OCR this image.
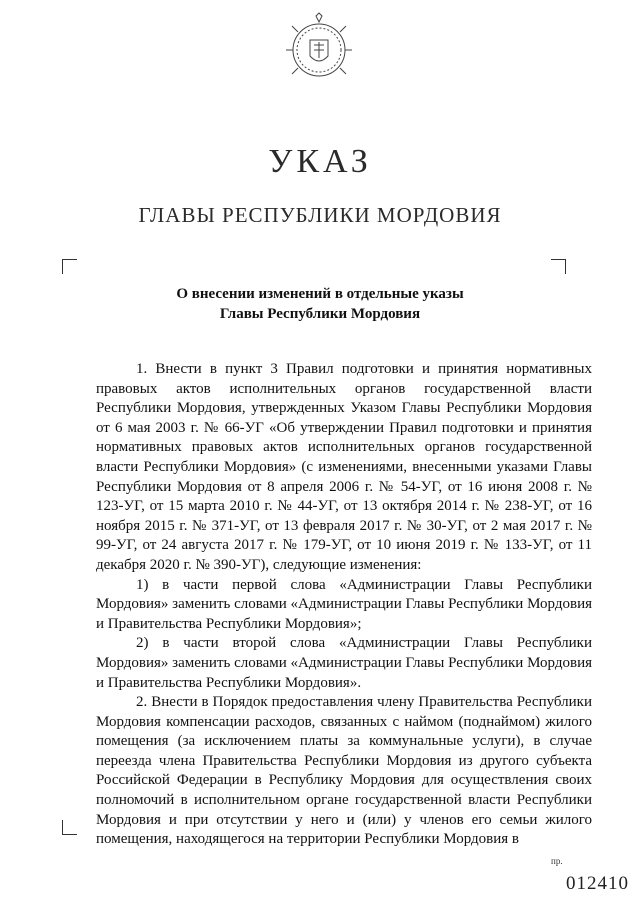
УКАЗ
ГЛАВЫ РЕСПУБЛИКИ МОРДОВИЯ
О внесении изменений в отдельные указы
Главы Республики Мордовия

1. Внести в пункт 3 Правил подготовки и принятия нормативных правовых актов исполнительных органов государственной власти Республики Мордовия, утвержденных Указом Главы Республики Мордовия от 6 мая 2003 г. № 66-УГ «Об утверждении Правил подготовки и принятия нормативных правовых актов исполнительных органов государственной власти Республики Мордовия» (с изменениями, внесенными указами Главы Республики Мордовия от 8 апреля 2006 г. № 54-УГ, от 16 июня 2008 г. № 123-УГ, от 15 марта 2010 г. № 44-УГ, от 13 октября 2014 г. № 238-УГ, от 16 ноября 2015 г. № 371-УГ, от 13 февраля 2017 г. № 30-УГ, от 2 мая 2017 г. № 99-УГ, от 24 августа 2017 г. № 179-УГ, от 10 июня 2019 г. № 133-УГ, от 11 декабря 2020 г. № 390-УГ), следующие изменения:

1) в части первой слова «Администрации Главы Республики Мордовия» заменить словами «Администрации Главы Республики Мордовия и Правительства Республики Мордовия»;

2) в части второй слова «Администрации Главы Республики Мордовия» заменить словами «Администрации Главы Республики Мордовия и Правительства Республики Мордовия».

2. Внести в Порядок предоставления члену Правительства Республики Мордовия компенсации расходов, связанных с наймом (поднаймом) жилого помещения (за исключением платы за коммунальные услуги), в случае переезда члена Правительства Республики Мордовия из другого субъекта Российской Федерации в Республику Мордовия для осуществления своих полномочий в исполнительном органе государственной власти Республики Мордовия и при отсутствии у него и (или) у членов его семьи жилого помещения, находящегося на территории Республики Мордовия в

пр.
012410
